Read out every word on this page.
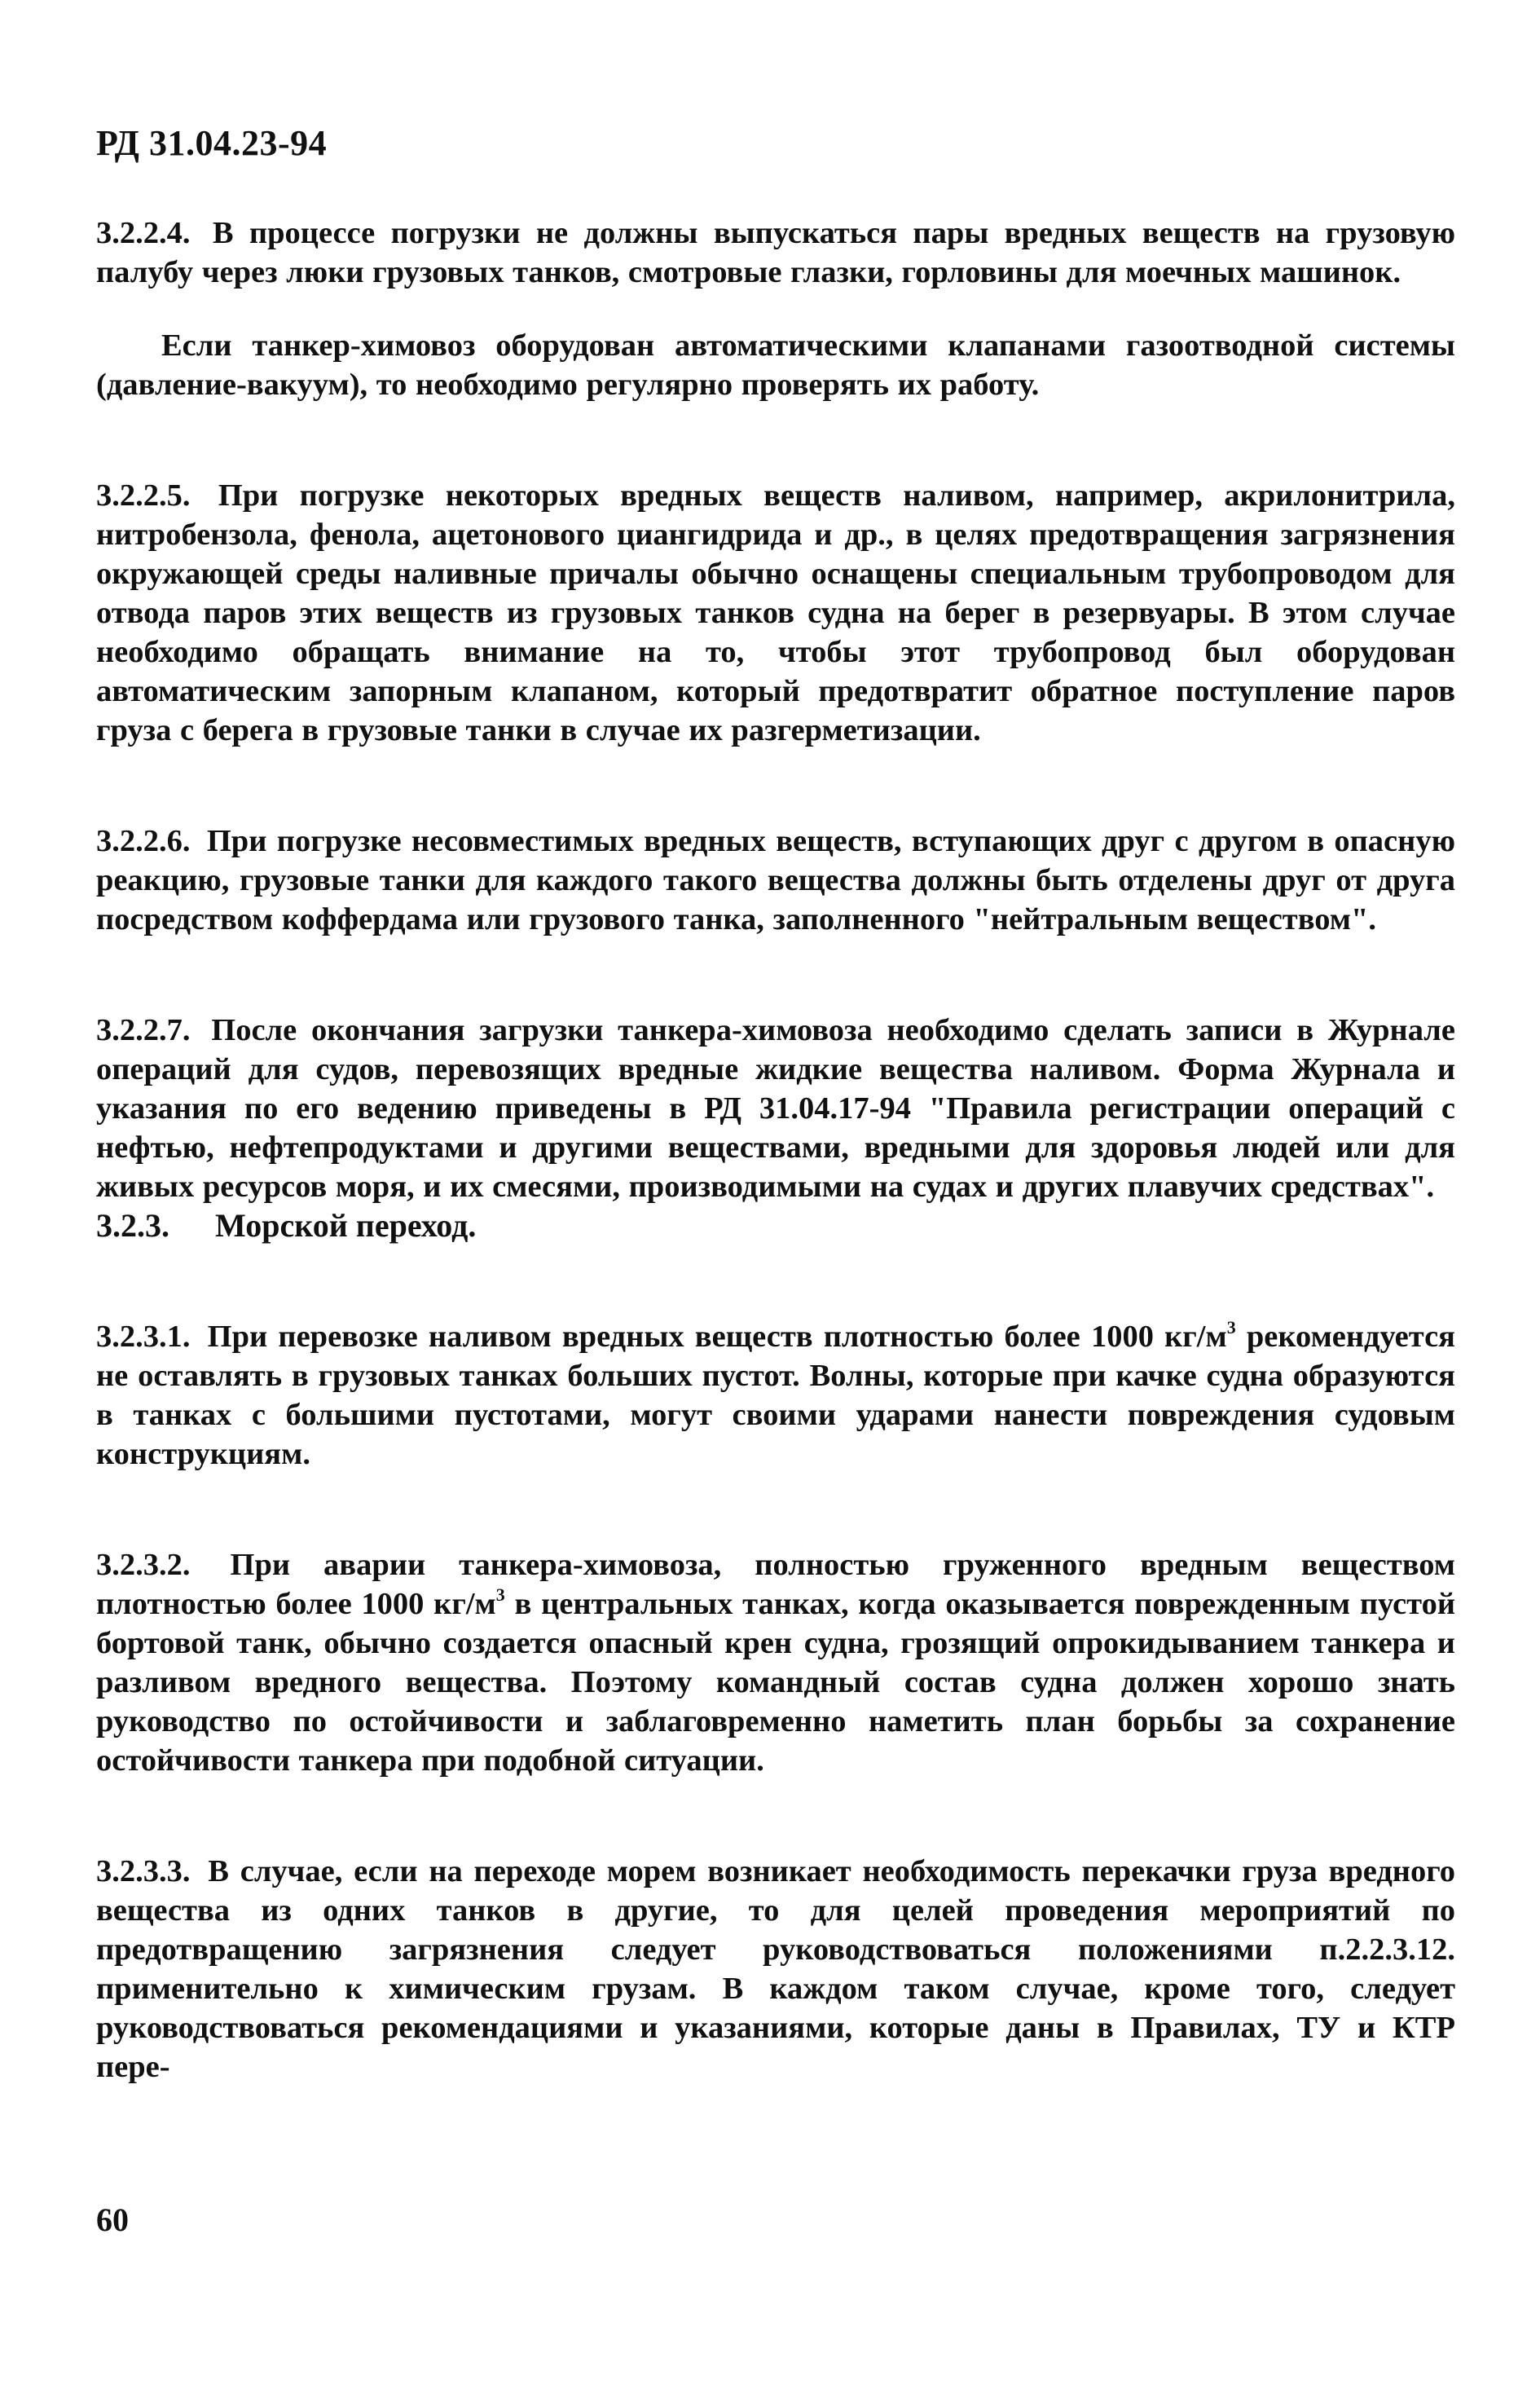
РД 31.04.23-94

3.2.2.4. В процессе погрузки не должны выпускаться пары вредных веществ на грузовую палубу через люки грузовых танков, смотровые глазки, горловины для моечных машинок.

Если танкер-химовоз оборудован автоматическими клапанами газоотводной системы (давление-вакуум), то необходимо регулярно проверять их работу.

3.2.2.5. При погрузке некоторых вредных веществ наливом, например, акрилонитрила, нитробензола, фенола, ацетонового циангидрида и др., в целях предотвращения загрязнения окружающей среды наливные причалы обычно оснащены специальным трубопроводом для отвода паров этих веществ из грузовых танков судна на берег в резервуары. В этом случае необходимо обращать внимание на то, чтобы этот трубопровод был оборудован автоматическим запорным клапаном, который предотвратит обратное поступление паров груза с берега в грузовые танки в случае их разгерметизации.

3.2.2.6. При погрузке несовместимых вредных веществ, вступающих друг с другом в опасную реакцию, грузовые танки для каждого такого вещества должны быть отделены друг от друга посредством коффердама или грузового танка, заполненного "нейтральным веществом".

3.2.2.7. После окончания загрузки танкера-химовоза необходимо сделать записи в Журнале операций для судов, перевозящих вредные жидкие вещества наливом. Форма Журнала и указания по его ведению приведены в РД 31.04.17-94 "Правила регистрации операций с нефтью, нефтепродуктами и другими веществами, вредными для здоровья людей или для живых ресурсов моря, и их смесями, производимыми на судах и других плавучих средствах".

3.2.3. Морской переход.

3.2.3.1. При перевозке наливом вредных веществ плотностью более 1000 $кг/м^3$ рекомендуется не оставлять в грузовых танках больших пустот. Волны, которые при качке судна образуются в танках с большими пустотами, могут своими ударами нанести повреждения судовым конструкциям.

3.2.3.2. При аварии танкера-химовоза, полностью груженного вредным веществом плотностью более 1000 $кг/м^3$ в центральных танках, когда оказывается поврежденным пустой бортовой танк, обычно создается опасный крен судна, грозящий опрокидыванием танкера и разливом вредного вещества. Поэтому командный состав судна должен хорошо знать руководство по остойчивости и заблаговременно наметить план борьбы за сохранение остойчивости танкера при подобной ситуации.

3.2.3.3. В случае, если на переходе морем возникает необходимость перекачки груза вредного вещества из одних танков в другие, то для целей проведения мероприятий по предотвращению загрязнения следует руководствоваться положениями п.2.2.3.12. применительно к химическим грузам. В каждом таком случае, кроме того, следует руководствоваться рекомендациями и указаниями, которые даны в Правилах, ТУ и КТР пере-

60
